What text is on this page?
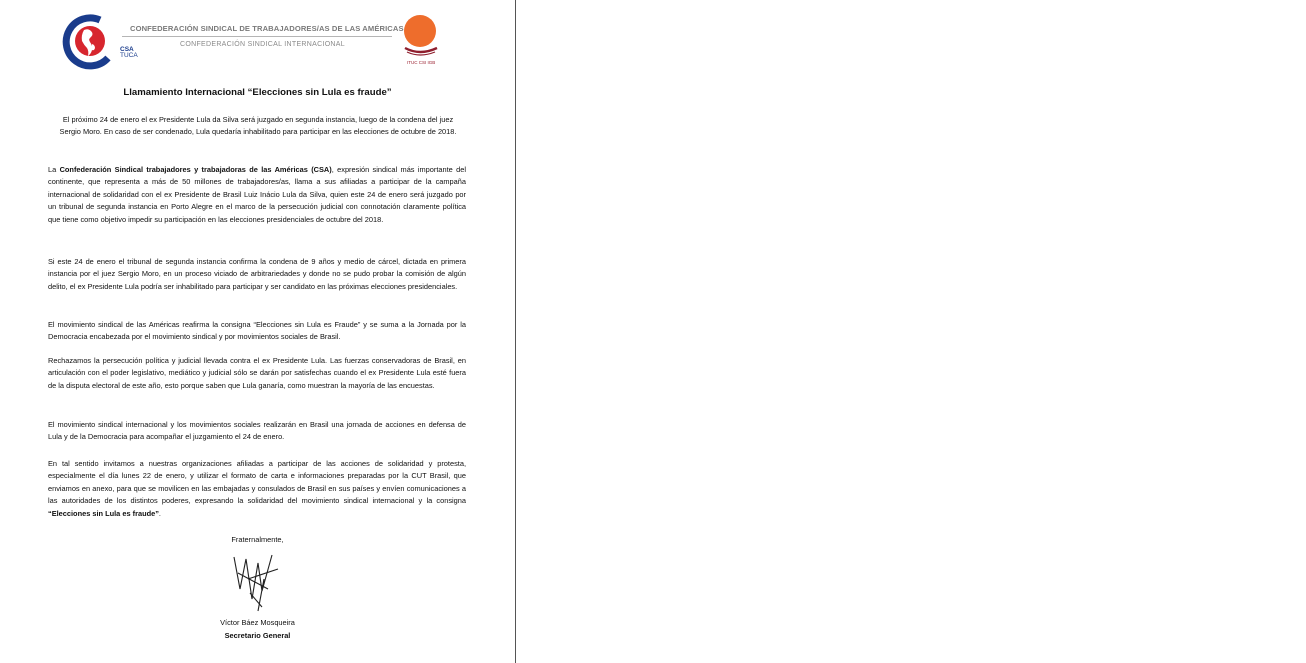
CSA
TUCA
CONFEDERACIÓN SINDICAL DE TRABAJADORES/AS DE LAS AMÉRICAS
CONFEDERACIÓN SINDICAL INTERNACIONAL
ITUC CSI IGB
Llamamiento Internacional “Elecciones sin Lula es fraude”

El próximo 24 de enero el ex Presidente Lula da Silva será juzgado en segunda instancia, luego de la condena del juez Sergio Moro. En caso de ser condenado, Lula quedaría inhabilitado para participar en las elecciones de octubre de 2018.

La Confederación Sindical trabajadores y trabajadoras de las Américas (CSA), expresión sindical más importante del continente, que representa a más de 50 millones de trabajadores/as, llama a sus afiliadas a participar de la campaña internacional de solidaridad con el ex Presidente de Brasil Luiz Inácio Lula da Silva, quien este 24 de enero será juzgado por un tribunal de segunda instancia en Porto Alegre en el marco de la persecución judicial con connotación claramente política que tiene como objetivo impedir su participación en las elecciones presidenciales de octubre del 2018.

Si este 24 de enero el tribunal de segunda instancia confirma la condena de 9 años y medio de cárcel, dictada en primera instancia por el juez Sergio Moro, en un proceso viciado de arbitrariedades y donde no se pudo probar la comisión de algún delito, el ex Presidente Lula podría ser inhabilitado para participar y ser candidato en las próximas elecciones presidenciales.

El movimiento sindical de las Américas reafirma la consigna “Elecciones sin Lula es Fraude” y se suma a la Jornada por la Democracia encabezada por el movimiento sindical y por movimientos sociales de Brasil.

Rechazamos la persecución política y judicial llevada contra el ex Presidente Lula. Las fuerzas conservadoras de Brasil, en articulación con el poder legislativo, mediático y judicial sólo se darán por satisfechas cuando el ex Presidente Lula esté fuera de la disputa electoral de este año, esto porque saben que Lula ganaría, como muestran la mayoría de las encuestas.

El movimiento sindical internacional y los movimientos sociales realizarán en Brasil una jornada de acciones en defensa de Lula y de la Democracia para acompañar el juzgamiento el 24 de enero.

En tal sentido invitamos a nuestras organizaciones afiliadas a participar de las acciones de solidaridad y protesta, especialmente el día lunes 22 de enero, y utilizar el formato de carta e informaciones preparadas por la CUT Brasil, que enviamos en anexo, para que se movilicen en las embajadas y consulados de Brasil en sus países y envíen comunicaciones a las autoridades de los distintos poderes, expresando la solidaridad del movimiento sindical internacional y la consigna “Elecciones sin Lula es fraude”.

Fraternalmente,
Víctor Báez Mosqueira
Secretario General
